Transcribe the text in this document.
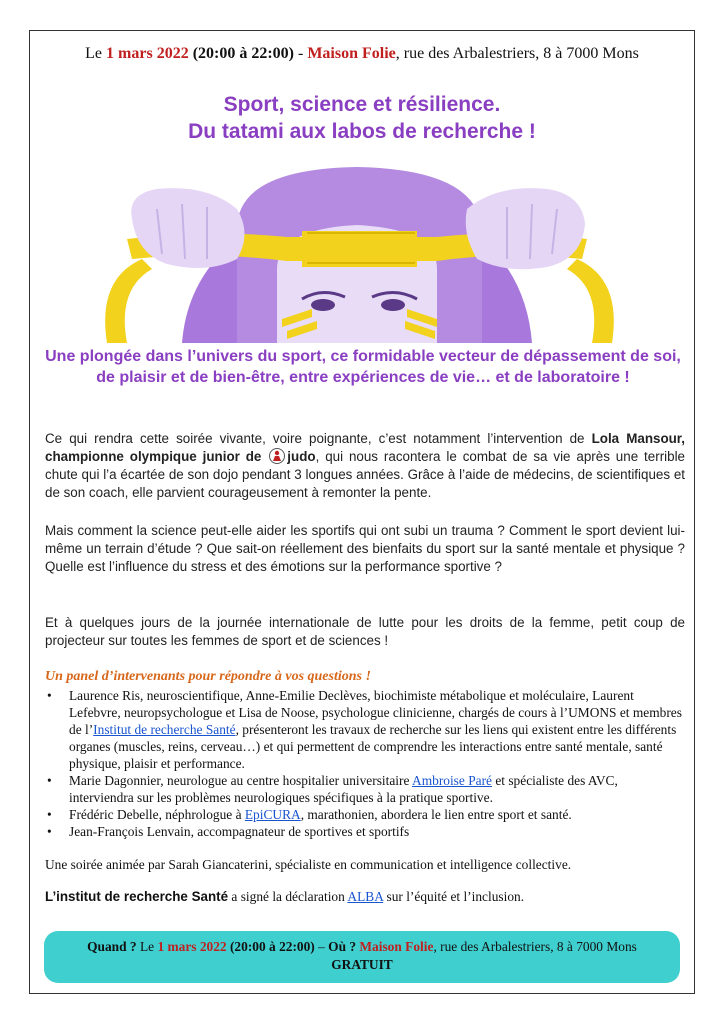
Le 1 mars 2022 (20:00 à 22:00) - Maison Folie, rue des Arbalestriers, 8 à 7000 Mons
Sport, science et résilience.
Du tatami aux labos de recherche !
Une plongée dans l’univers du sport, ce formidable vecteur de dépassement de soi, de plaisir et de bien-être, entre expériences de vie… et de laboratoire !
Ce qui rendra cette soirée vivante, voire poignante, c’est notamment l’intervention de Lola Mansour, championne olympique junior de judo, qui nous racontera le combat de sa vie après une terrible chute qui l’a écartée de son dojo pendant 3 longues années. Grâce à l’aide de médecins, de scientifiques et de son coach, elle parvient courageusement à remonter la pente.
Mais comment la science peut-elle aider les sportifs qui ont subi un trauma ? Comment le sport devient lui-même un terrain d’étude ? Que sait-on réellement des bienfaits du sport sur la santé mentale et physique ? Quelle est l’influence du stress et des émotions sur la performance sportive ?
Et à quelques jours de la journée internationale de lutte pour les droits de la femme, petit coup de projecteur sur toutes les femmes de sport et de sciences !
Un panel d’intervenants pour répondre à vos questions !
• Laurence Ris, neuroscientifique, Anne-Emilie Declèves, biochimiste métabolique et moléculaire, Laurent Lefebvre, neuropsychologue et Lisa de Noose, psychologue clinicienne, chargés de cours à l’UMONS et membres de l’Institut de recherche Santé, présenteront les travaux de recherche sur les liens qui existent entre les différents organes (muscles, reins, cerveau…) et qui permettent de comprendre les interactions entre santé mentale, santé physique, plaisir et performance.
• Marie Dagonnier, neurologue au centre hospitalier universitaire Ambroise Paré et spécialiste des AVC, interviendra sur les problèmes neurologiques spécifiques à la pratique sportive.
• Frédéric Debelle, néphrologue à EpiCURA, marathonien, abordera le lien entre sport et santé.
• Jean-François Lenvain, accompagnateur de sportives et sportifs
Une soirée animée par Sarah Giancaterini, spécialiste en communication et intelligence collective.
L’institut de recherche Santé a signé la déclaration ALBA sur l’équité et l’inclusion.
Quand ? Le 1 mars 2022 (20:00 à 22:00) – Où ? Maison Folie, rue des Arbalestriers, 8 à 7000 Mons
GRATUIT
